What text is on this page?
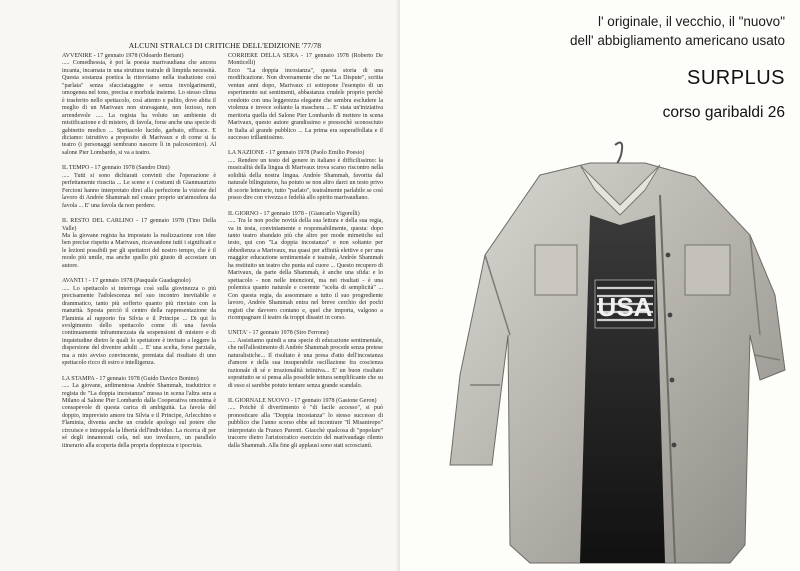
ALCUNI STRALCI DI CRITICHE DELL'EDIZIONE '77/78
AVVENIRE - 17 gennaio 1978 (Odoardo Bertani)
..... Comedhessia, è poi la poesia marivaudiana che ancora incanta, incarnata in una struttura teatrale di limpida necessità. Questa sostanza poetica la ritroviamo nella traduzione così "parlata" senza sfacciataggine e senza involgarimenti, omogenea nel tono, precisa e morbida insieme. Lo stesso clima è trasferito nello spettacolo, così attento e pulito, dove abita il meglio di un Marivaux non stravagante, non lezioso, non arrendevole ..... La regista ha voluto un ambiente di mistificazione e di mistero, di favola, forse anche una specie di gabinetto medico ... Spettacolo lucido, garbato, efficace. E diciamo: istruttivo a proposito di Marivaux e di come si fa teatro (i personaggi sembrano nascere lì in palcoscenico). Al salone Pier Lombardo, si va a teatro.
IL TEMPO - 17 gennaio 1978 (Sandro Dini)
..... Tutti si sono dichiarati convinti che l'operazione è perfettamente riuscita ... Le scene e i costumi di Gianmaurizio Fercioni hanno interpretato direi alla perfezione la visione del lavoro di Andrée Shammah nel creare proprio un'atmosfera da favola ... E' una favola da non perdere.
IL RESTO DEL CARLINO - 17 gennaio 1978 (Tino Della Valle)
Ma la giovane regista ha impostato la realizzazione con idee ben precise rispetto a Marivaux, ricavandone tutti i significati e le lezioni possibili per gli spettatori del nostro tempo, che è il modo più umile, ma anche quello più giusto di accostare un autore.
AVANTI ! - 17 gennaio 1978 (Pasquale Guadagnolo)
..... Lo spettacolo si interroga così sulla giovinezza o più precisamente l'adolescenza nel suo incontro inevitabile e drammatico, tanto più sofferto quanto più rinviato con la maturità. Sposta perciò il centro della rappresentazione da Flaminia al rapporto fra Silvia e il Principe ... Di qui lo svolgimento dello spettacolo come di una favola continuamente inframmezzata da sospensioni di mistero e di inquietudine dietro le quali lo spettatore è invitato a leggere la dispersione del divenire adulti ... E' una scelta, forse parziale, ma a mio avviso convincente, premiata dal risultato di uno spettacolo ricco di estro e intelligenza.
LA STAMPA - 17 gennaio 1978 (Guido Davico Bonino)
..... La giovane, ardimentosa Andrée Shammah, traduttrice e regista de "La doppia incostanza" messa in scena l'altra sera a Milano al Salone Pier Lombardo dalla Cooperativa omonima è consapevole di questa carica di ambiguità. La favola del doppio, imprevisto amore tra Silvia e il Principe, Arlecchino e Flaminia, diventa anche un crudele apologo sul potere che circuisce e intrappola la libertà dell'individuo. La ricerca di per sé degli innamorati cela, nel suo involucro, un parallelo itinerario alla scoperta della propria doppiezza e ipocrisia.
CORRIERE DELLA SERA - 17 gennaio 1978 (Roberto De Monticelli)
Ecco "La doppia incostanza", questa storia di una modificazione. Non diversamente che ne "La Dispute", scritta ventun anni dopo, Marivaux ci sottopone l'esempio di un esperimento sui sentimenti, abbastanza crudele proprio perchè condotto con una leggerezza elegante che sembra escludere la violenza e invece soltanto la maschera ... E' stata un'iniziativa meritoria quella del Salone Pier Lombardo di mettere in scena Marivaux, questo autore grandissimo e pressochè sconosciuto in Italia al grande pubblico ... La prima era superaffollata e il successo trillantissimo.
LA NAZIONE - 17 gennaio 1978 (Paolo Emilio Poesio)
..... Rendere un testo del genere in italiano è difficilissimo: la musicalità della lingua di Marivaux trova scarso riscontro nella solidità della nostra lingua. Andrée Shammah, favorita dal naturale bilinguismo, ha potuto se non altro darci un testo privo di scorie letterarie, tutto "parlato", teatralmente parlabile se così posso dire con vivezza e fedeltà allo spirito marivaudiano.
IL GIORNO - 17 gennaio 1978 - (Giancarlo Vigorelli)
..... Tra le non poche novità della sua lettura e della sua regia, va in testa, convintamente e responsabilmente, questa: dopo tanto teatro sbandato più che altro per mode mimetiche sul testo, qui con "La doppia incostanza" e non soltanto per obbedienza a Marivaux, ma quasi per affinità elettive e per una maggior educazione sentimentale e teatrale, Andrée Shammah ha restituito un teatro che punta sul cuore ... Questo recupero di Marivaux, da parte della Shammah, è anche una sfida: e lo spettacolo - non nelle intenzioni, ma nei risultati - è una polemica quanto naturale e coerente "scelta di semplicità" ... Con questa regia, da assommare a tutto il suo progrediente lavoro, Andrée Shammah entra nel breve cerchio dei pochi registi che davvero contano e, quel che importa, valgono a ricompagnare il teatro da troppi disastri in corso.
UNITA' - 17 gennaio 1978 (Siro Ferrone)
..... Assistiamo quindi a una specie di educazione sentimentale, che nell'allestimento di Andrée Shammah procede senza pretese naturalistiche... Il risultato è una presa d'atto dell'incostanza d'amore e della sua insuperabile oscillazione fra coscienza razionale di sé e irrazionalità istintiva... E' un buon risultato soprattutto se si pensa alla possibile tettura semplificante che su di esso si sarebbe potuto tentare senza grande scandalo.
IL GIORNALE NUOVO - 17 gennaio 1978 (Gastone Geron)
..... Poichè il divertimento è "di facile accesso", si può pronosticare alla "Doppia incostanza" lo stesso successo di pubblico che l'anno scorso ebbe ad incontrare "Il Misantropo" interpretato da Franco Parenti. Giacchè qualcosa di "popolare" tracorre dietro l'aristocratico esercizio del marivaudage rilento dalla Shammah. Alla fine gli applausi sono stati scrosciantì.
l' originale, il vecchio, il "nuovo"
dell' abbigliamento americano usato
SURPLUS
corso garibaldi 26
USA
